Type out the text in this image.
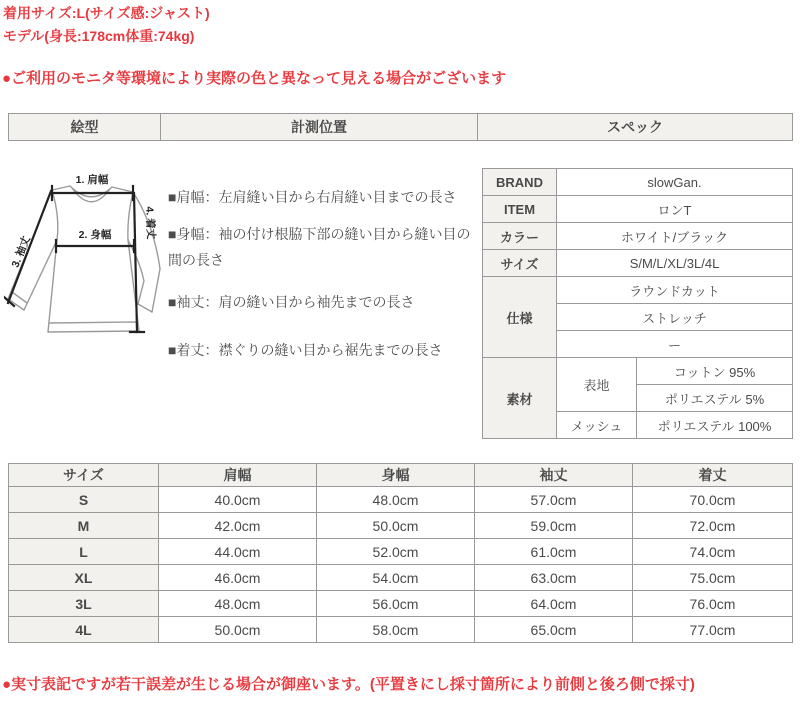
着用サイズ:L(サイズ感:ジャスト)
モデル(身長:178cm体重:74kg)
●ご利用のモニタ等環境により実際の色と異なって見える場合がございます
絵型	計測位置	スペック
1. 肩幅
2. 身幅
3. 袖丈
4. 着丈
■肩幅：左肩縫い目から右肩縫い目までの長さ
■身幅：袖の付け根脇下部の縫い目から縫い目の間の長さ
■袖丈：肩の縫い目から袖先までの長さ
■着丈：襟ぐりの縫い目から裾先までの長さ
BRAND	slowGan.	
ITEM	ロンT	
カラー	ホワイト/ブラック	
サイズ	S/M/L/XL/3L/4L	
仕様	ラウンドカット	
	ストレッチ	
	ー	
素材	表地	コットン 95%
		ポリエステル 5%
	メッシュ	ポリエステル 100%
サイズ	肩幅	身幅	袖丈	着丈
S	40.0cm	48.0cm	57.0cm	70.0cm
M	42.0cm	50.0cm	59.0cm	72.0cm
L	44.0cm	52.0cm	61.0cm	74.0cm
XL	46.0cm	54.0cm	63.0cm	75.0cm
3L	48.0cm	56.0cm	64.0cm	76.0cm
4L	50.0cm	58.0cm	65.0cm	77.0cm
●実寸表記ですが若干誤差が生じる場合が御座います。(平置きにし採寸箇所により前側と後ろ側で採寸)
